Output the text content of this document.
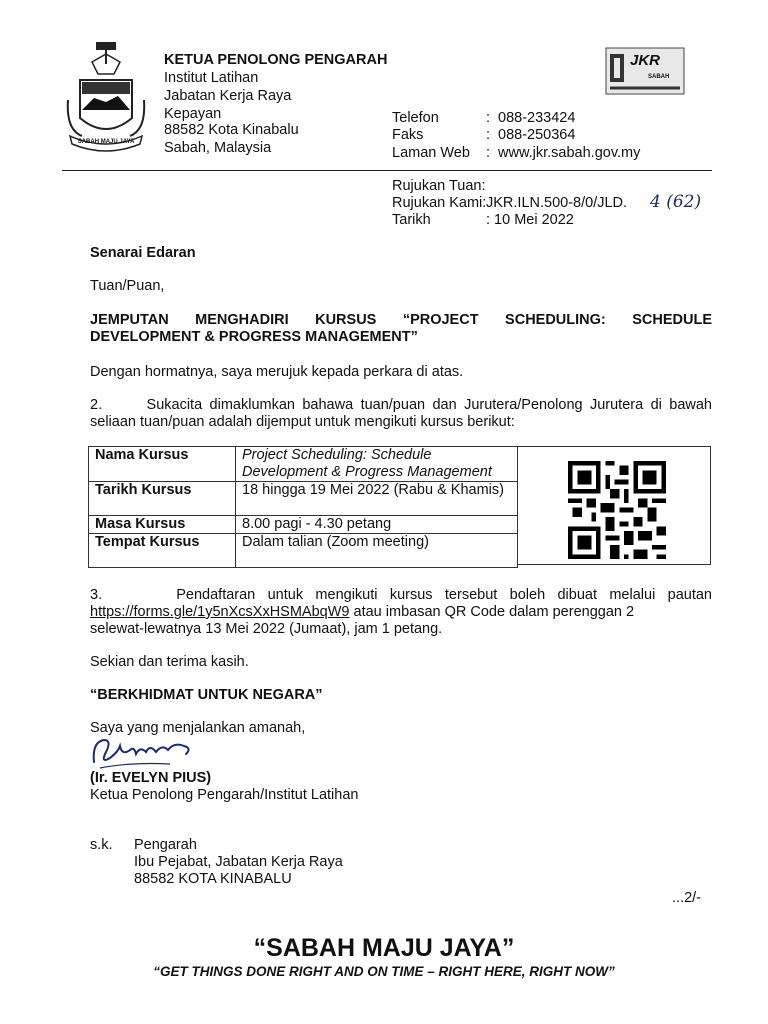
SABAH MAJU JAYA
JKR
SABAH
KETUA PENOLONG PENGARAH
Institut Latihan
Jabatan Kerja Raya
Kepayan
88582 Kota Kinabalu
Sabah, Malaysia
Telefon	: 088-233424
Faks	: 088-250364
Laman Web : www.jkr.sabah.gov.my
Rujukan Tuan:
Rujukan Kami: JKR.ILN.500-8/0/JLD. 4 (62)
Tarikh	: 10 Mei 2022
Senarai Edaran
Tuan/Puan,
JEMPUTAN MENGHADIRI KURSUS “PROJECT SCHEDULING: SCHEDULE
DEVELOPMENT & PROGRESS MANAGEMENT”
Dengan hormatnya, saya merujuk kepada perkara di atas.
2.      Sukacita dimaklumkan bahawa tuan/puan dan Jurutera/Penolong Jurutera di bawah
seliaan tuan/puan adalah dijemput untuk mengikuti kursus berikut:
Nama Kursus	Project Scheduling: Schedule Development & Progress Management
Tarikh Kursus	18 hingga 19 Mei 2022 (Rabu & Khamis)
Masa Kursus	8.00 pagi - 4.30 petang
Tempat Kursus	Dalam talian (Zoom meeting)
3.      Pendaftaran untuk mengikuti kursus tersebut boleh dibuat melalui pautan
https://forms.gle/1y5nXcsXxHSMAbqW9 atau imbasan QR Code dalam perenggan 2
selewat-lewatnya 13 Mei 2022 (Jumaat), jam 1 petang.
Sekian dan terima kasih.
“BERKHIDMAT UNTUK NEGARA”
Saya yang menjalankan amanah,
(Ir. EVELYN PIUS)
Ketua Penolong Pengarah/Institut Latihan
s.k. Pengarah
Ibu Pejabat, Jabatan Kerja Raya
88582 KOTA KINABALU
...2/-
“SABAH MAJU JAYA”
“GET THINGS DONE RIGHT AND ON TIME – RIGHT HERE, RIGHT NOW”
